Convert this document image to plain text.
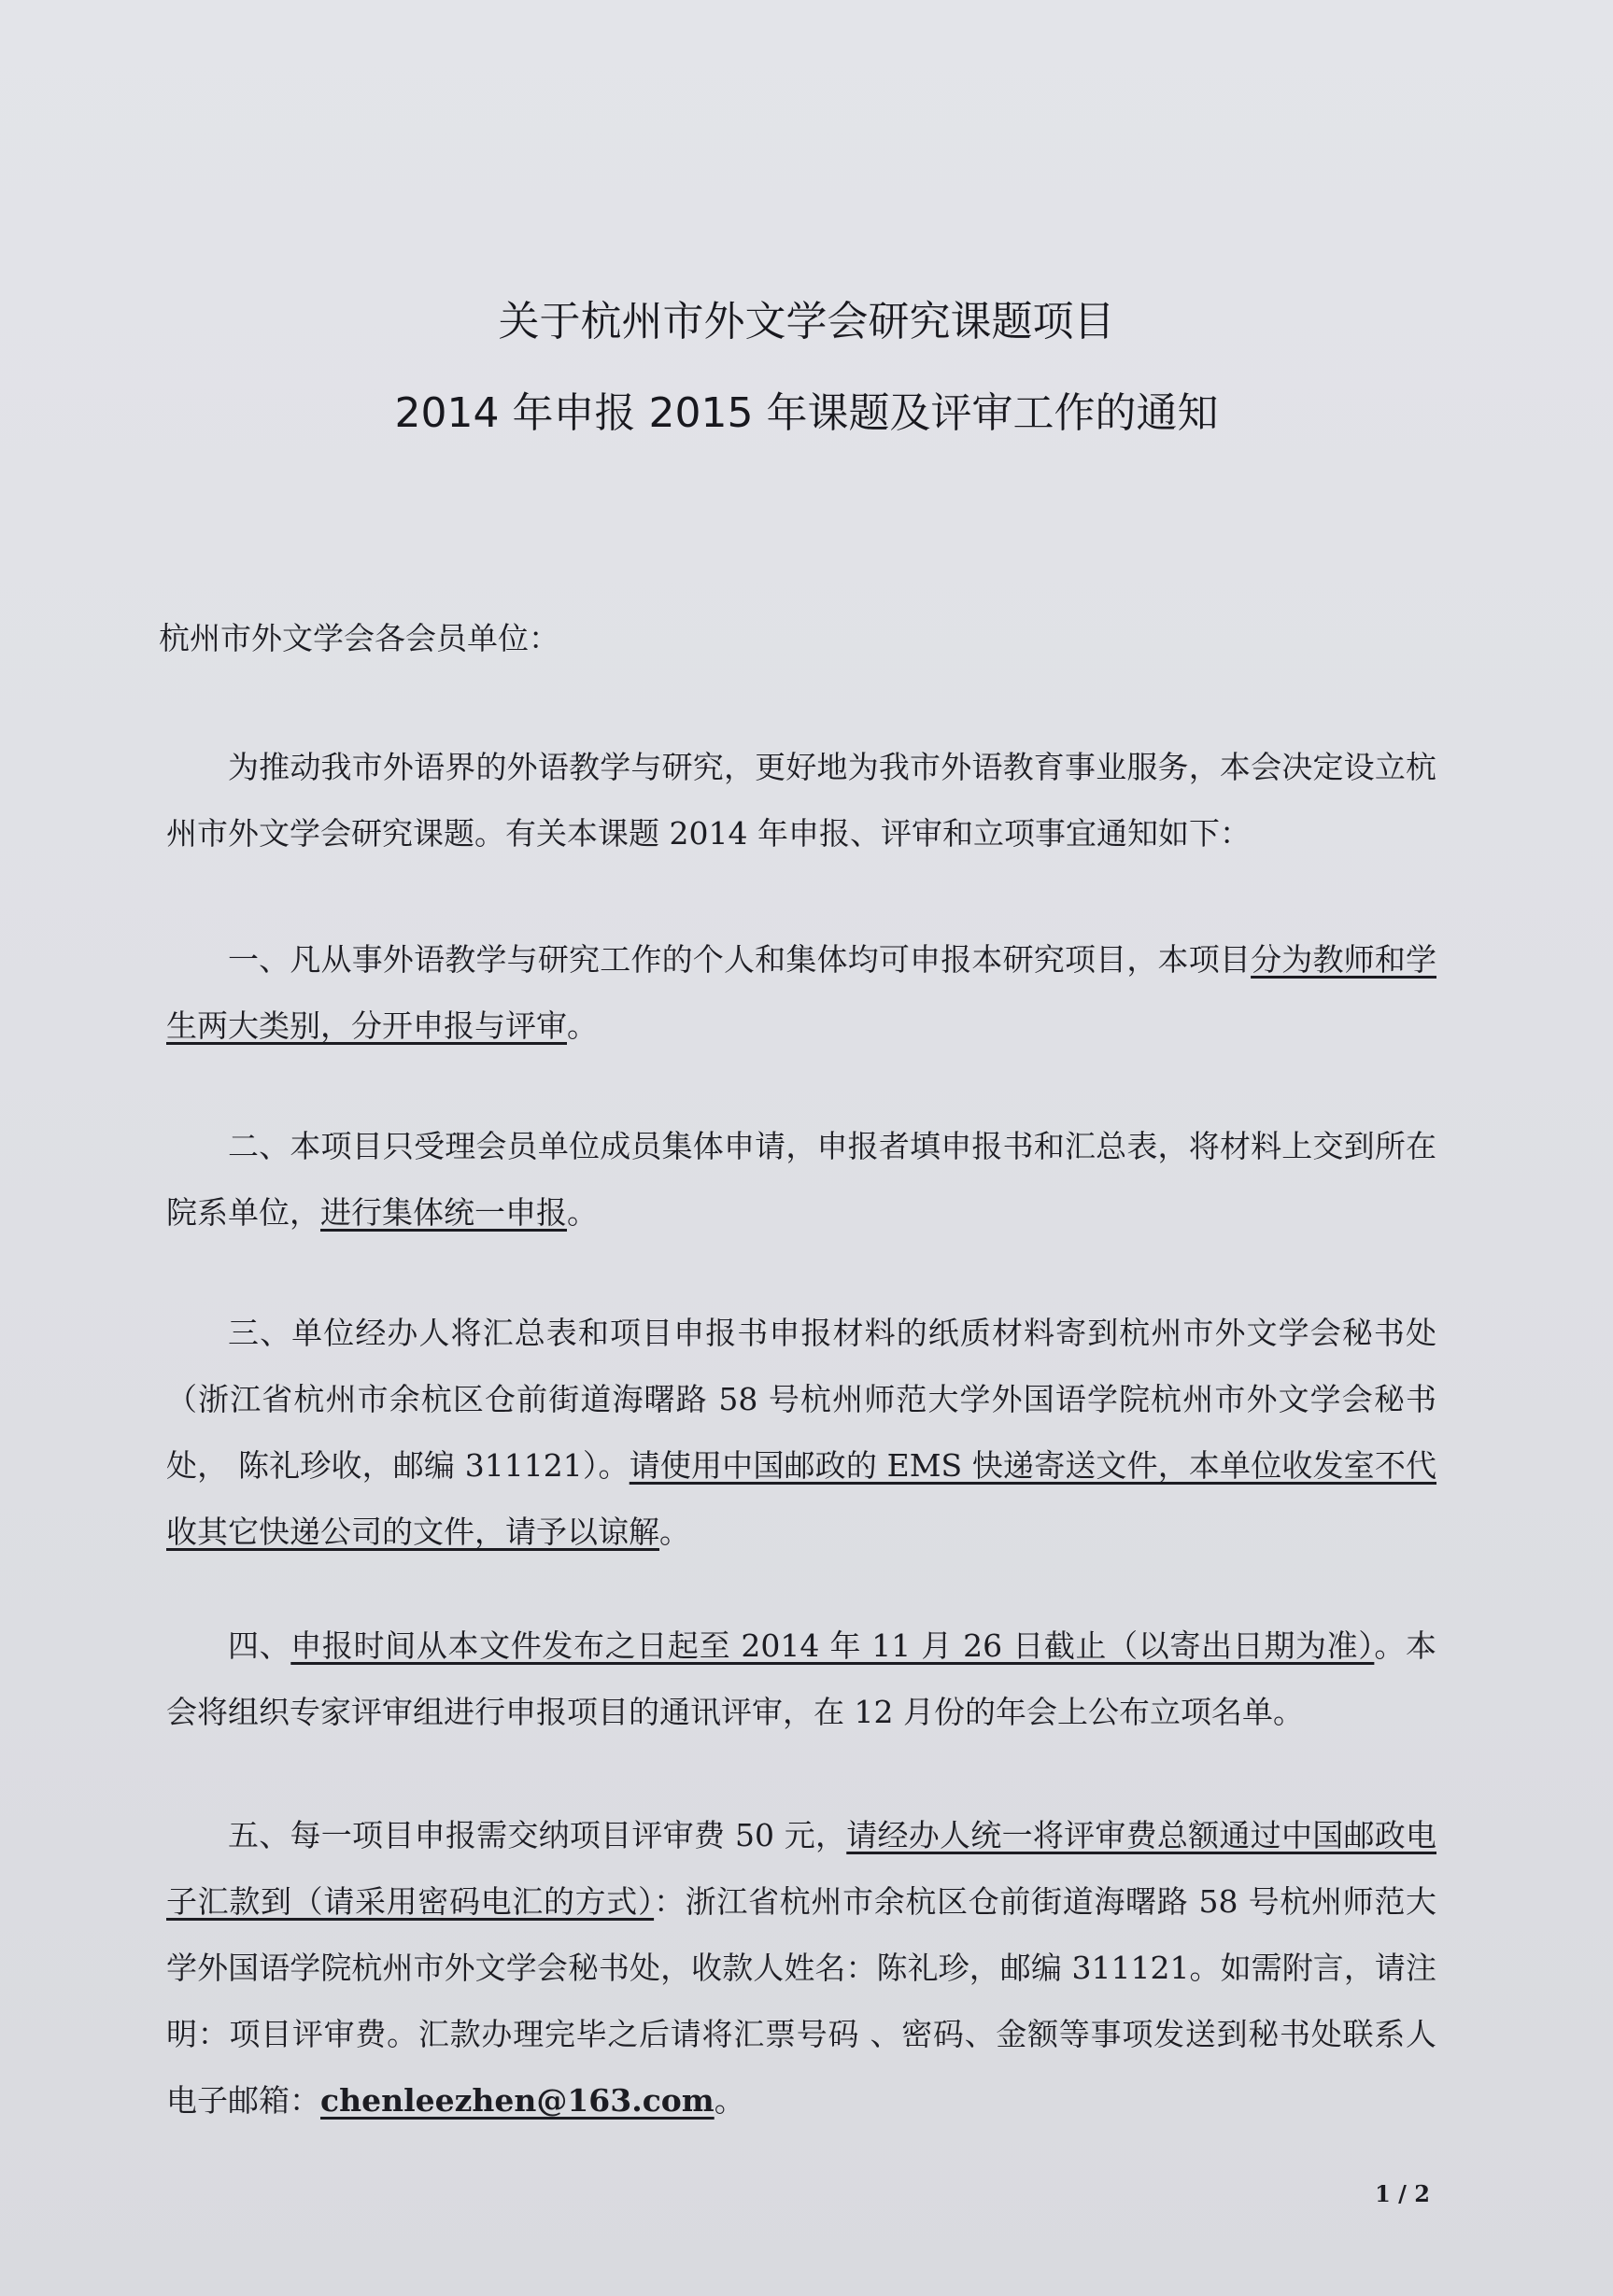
关于杭州市外文学会研究课题项目
2014 年申报 2015 年课题及评审工作的通知
杭州市外文学会各会员单位：

为推动我市外语界的外语教学与研究，更好地为我市外语教育事业服务，本会决定设立杭州市外文学会研究课题。有关本课题 2014 年申报、评审和立项事宜通知如下：

一、凡从事外语教学与研究工作的个人和集体均可申报本研究项目，本项目分为教师和学生两大类别，分开申报与评审。

二、本项目只受理会员单位成员集体申请，申报者填申报书和汇总表，将材料上交到所在院系单位，进行集体统一申报。

三、单位经办人将汇总表和项目申报书申报材料的纸质材料寄到杭州市外文学会秘书处（浙江省杭州市余杭区仓前街道海曙路 58 号杭州师范大学外国语学院杭州市外文学会秘书处， 陈礼珍收，邮编 311121）。请使用中国邮政的 EMS 快递寄送文件，本单位收发室不代收其它快递公司的文件，请予以谅解。

四、申报时间从本文件发布之日起至 2014 年 11 月 26 日截止（以寄出日期为准）。本会将组织专家评审组进行申报项目的通讯评审，在 12 月份的年会上公布立项名单。

五、每一项目申报需交纳项目评审费 50 元，请经办人统一将评审费总额通过中国邮政电子汇款到（请采用密码电汇的方式）：浙江省杭州市余杭区仓前街道海曙路 58 号杭州师范大学外国语学院杭州市外文学会秘书处，收款人姓名：陈礼珍，邮编 311121。如需附言，请注明：项目评审费。汇款办理完毕之后请将汇票号码 、密码、金额等事项发送到秘书处联系人电子邮箱：chenleezhen@163.com。

1 / 2
